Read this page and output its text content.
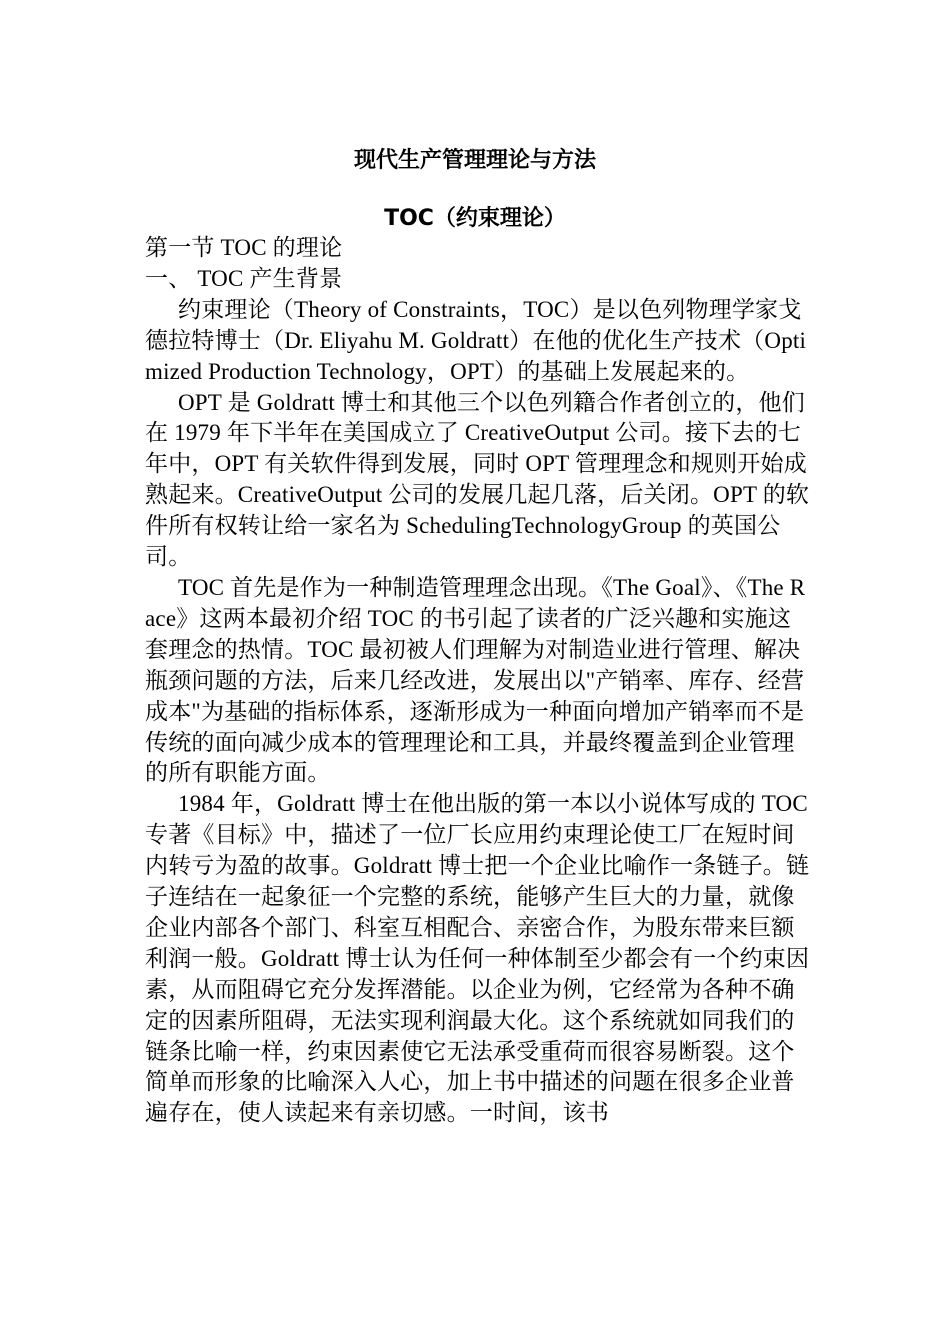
现代生产管理理论与方法
TOC（约束理论）

第一节 TOC 的理论

一、 TOC 产生背景

约束理论（Theory of Constraints，TOC）是以色列物理学家戈德拉特博士（Dr. Eliyahu M. Goldratt）在他的优化生产技术（Optimized Production Technology，OPT）的基础上发展起来的。

OPT 是 Goldratt 博士和其他三个以色列籍合作者创立的，他们在 1979 年下半年在美国成立了 CreativeOutput 公司。接下去的七年中，OPT 有关软件得到发展，同时 OPT 管理理念和规则开始成熟起来。CreativeOutput 公司的发展几起几落，后关闭。OPT 的软件所有权转让给一家名为 SchedulingTechnologyGroup 的英国公司。

TOC 首先是作为一种制造管理理念出现。《The Goal》、《The Race》这两本最初介绍 TOC 的书引起了读者的广泛兴趣和实施这套理念的热情。TOC 最初被人们理解为对制造业进行管理、解决瓶颈问题的方法，后来几经改进，发展出以"产销率、库存、经营成本"为基础的指标体系，逐渐形成为一种面向增加产销率而不是传统的面向减少成本的管理理论和工具，并最终覆盖到企业管理的所有职能方面。

1984 年，Goldratt 博士在他出版的第一本以小说体写成的 TOC 专著《目标》中，描述了一位厂长应用约束理论使工厂在短时间内转亏为盈的故事。Goldratt 博士把一个企业比喻作一条链子。链子连结在一起象征一个完整的系统，能够产生巨大的力量，就像企业内部各个部门、科室互相配合、亲密合作，为股东带来巨额利润一般。Goldratt 博士认为任何一种体制至少都会有一个约束因素，从而阻碍它充分发挥潜能。以企业为例，它经常为各种不确定的因素所阻碍，无法实现利润最大化。这个系统就如同我们的链条比喻一样，约束因素使它无法承受重荷而很容易断裂。这个简单而形象的比喻深入人心，加上书中描述的问题在很多企业普遍存在，使人读起来有亲切感。一时间，该书
